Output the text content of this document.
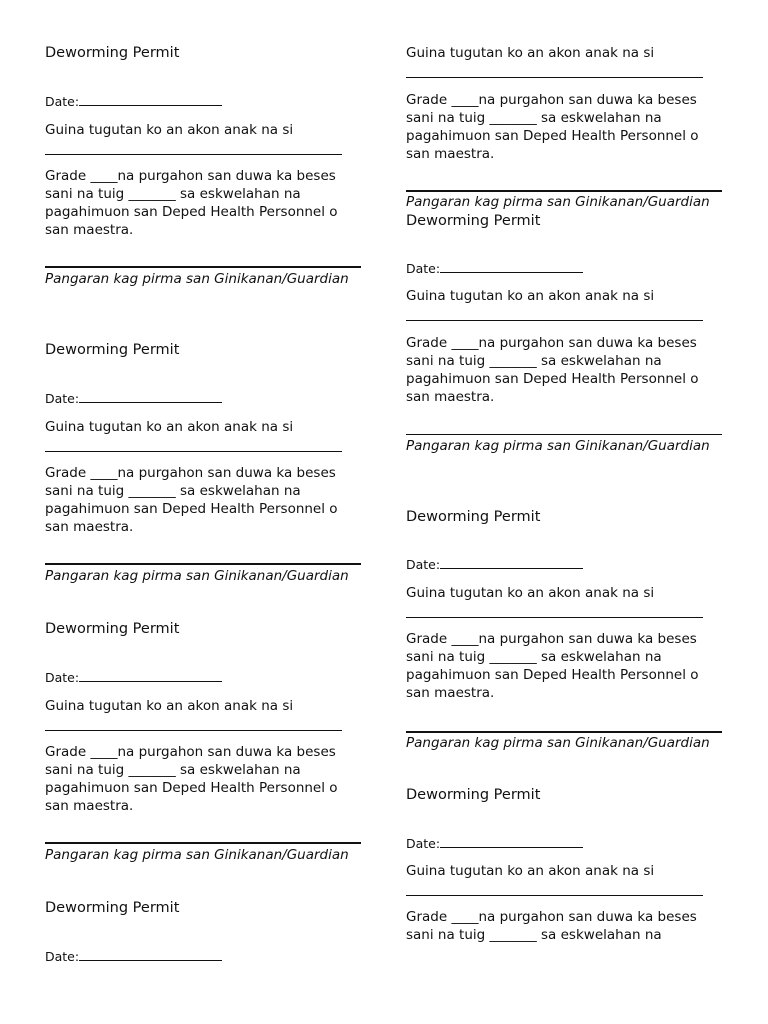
Deworming Permit
Date:
Guina tugutan ko an akon anak na si
Grade ____na purgahon san duwa ka beses
sani na tuig _______ sa eskwelahan na
pagahimuon san Deped Health Personnel o
san maestra.
Pangaran kag pirma san Ginikanan/Guardian
Deworming Permit
Date:
Guina tugutan ko an akon anak na si
Grade ____na purgahon san duwa ka beses
sani na tuig _______ sa eskwelahan na
pagahimuon san Deped Health Personnel o
san maestra.
Pangaran kag pirma san Ginikanan/Guardian
Deworming Permit
Date:
Guina tugutan ko an akon anak na si
Grade ____na purgahon san duwa ka beses
sani na tuig _______ sa eskwelahan na
pagahimuon san Deped Health Personnel o
san maestra.
Pangaran kag pirma san Ginikanan/Guardian
Deworming Permit
Date:
Guina tugutan ko an akon anak na si
Grade ____na purgahon san duwa ka beses
sani na tuig _______ sa eskwelahan na
pagahimuon san Deped Health Personnel o
san maestra.
Pangaran kag pirma san Ginikanan/Guardian
Deworming Permit
Date:
Guina tugutan ko an akon anak na si
Grade ____na purgahon san duwa ka beses
sani na tuig _______ sa eskwelahan na
pagahimuon san Deped Health Personnel o
san maestra.
Pangaran kag pirma san Ginikanan/Guardian
Deworming Permit
Date:
Guina tugutan ko an akon anak na si
Grade ____na purgahon san duwa ka beses
sani na tuig _______ sa eskwelahan na
pagahimuon san Deped Health Personnel o
san maestra.
Pangaran kag pirma san Ginikanan/Guardian
Deworming Permit
Date:
Guina tugutan ko an akon anak na si
Grade ____na purgahon san duwa ka beses
sani na tuig _______ sa eskwelahan na
